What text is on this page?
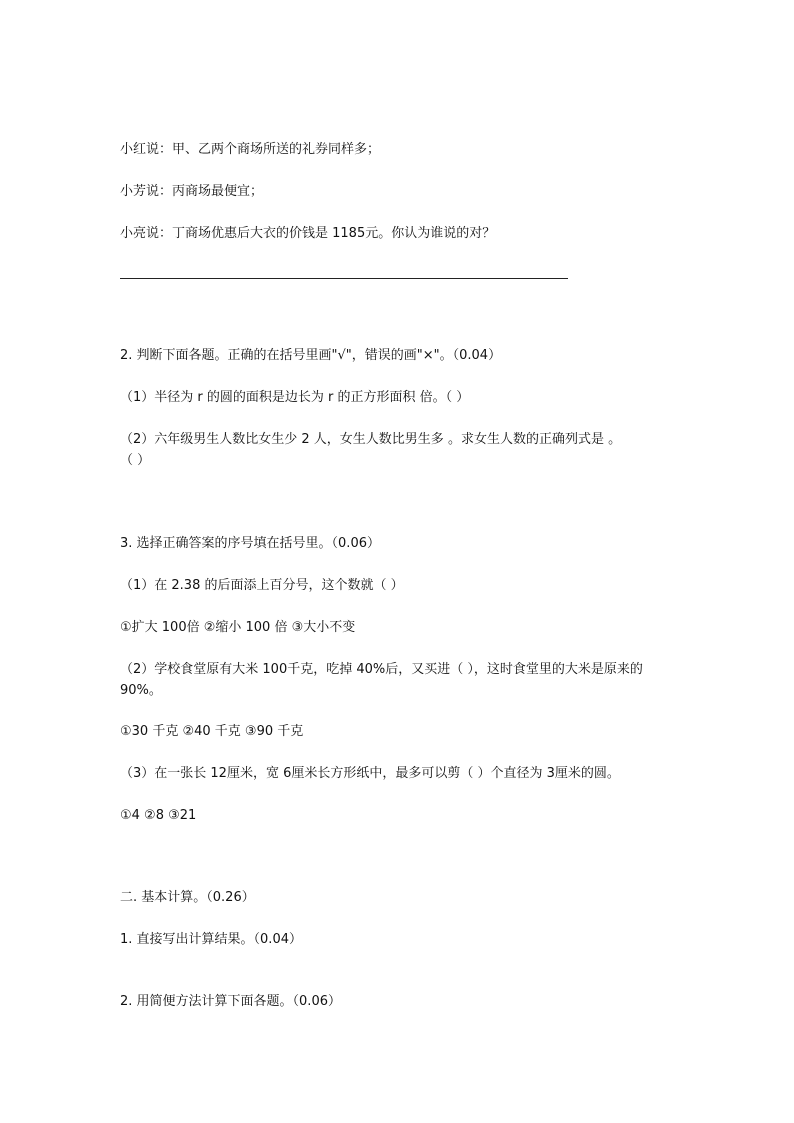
小红说：甲、乙两个商场所送的礼券同样多；
小芳说：丙商场最便宜；
小亮说：丁商场优惠后大衣的价钱是 1185元。你认为谁说的对？
2. 判断下面各题。正确的在括号里画"√"，错误的画"×"。（0.04）
（1）半径为 r 的圆的面积是边长为 r 的正方形面积 倍。（ ）
（2）六年级男生人数比女生少 2 人，女生人数比男生多 。求女生人数的正确列式是 。
（ ）
3. 选择正确答案的序号填在括号里。（0.06）
（1）在 2.38 的后面添上百分号，这个数就（ ）
①扩大 100倍 ②缩小 100 倍 ③大小不变
（2）学校食堂原有大米 100千克，吃掉 40%后，又买进（ ），这时食堂里的大米是原来的
90%。
①30 千克 ②40 千克 ③90 千克
（3）在一张长 12厘米，宽 6厘米长方形纸中，最多可以剪（ ）个直径为 3厘米的圆。
①4 ②8 ③21
二. 基本计算。（0.26）
1. 直接写出计算结果。（0.04）
2. 用简便方法计算下面各题。（0.06）
